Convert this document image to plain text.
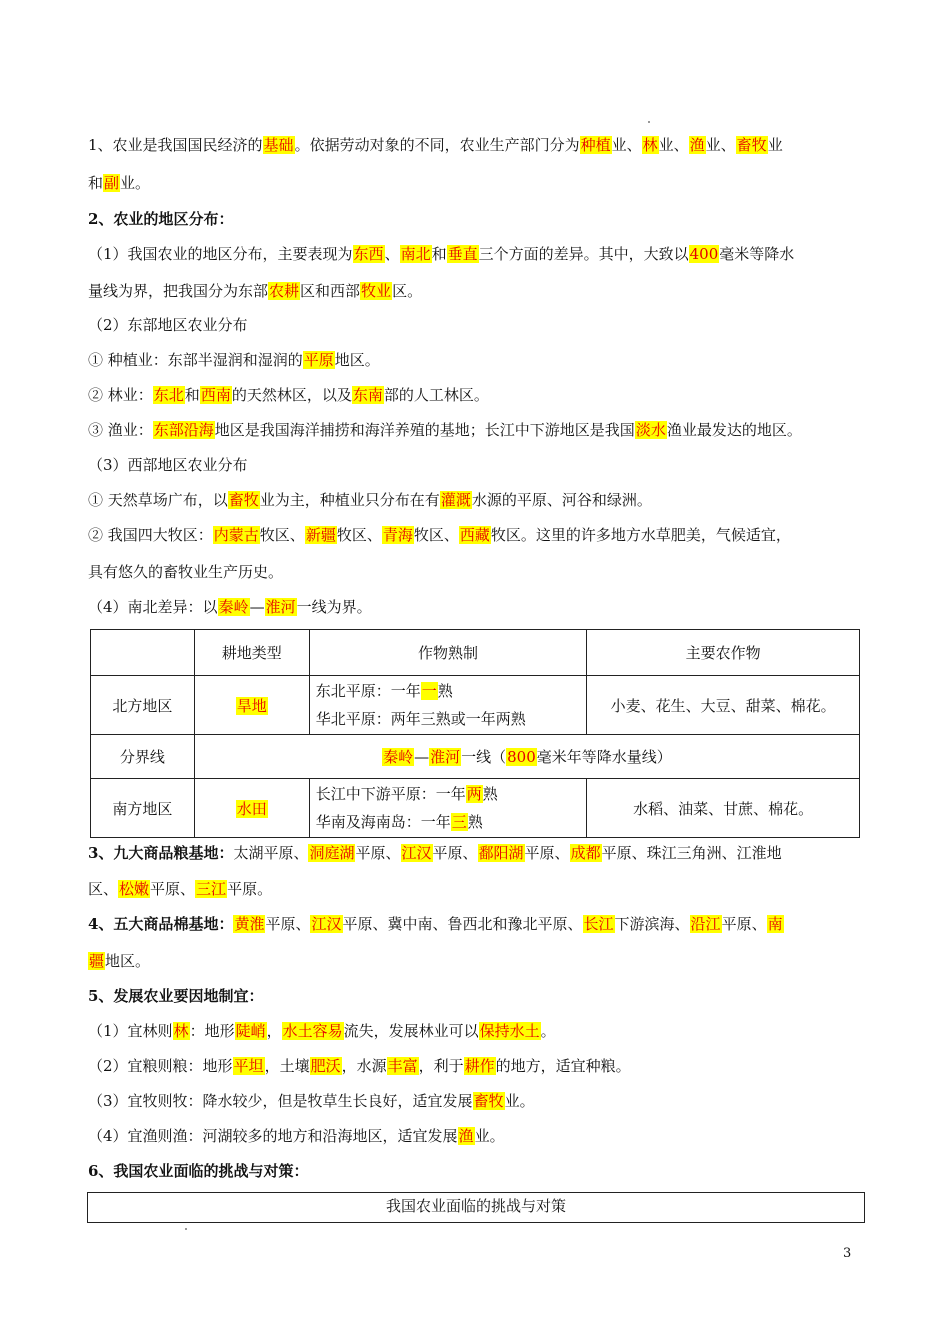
1、农业是我国国民经济的基础。依据劳动对象的不同，农业生产部门分为种植业、林业、渔业、畜牧业
和副业。
2、农业的地区分布：
（1）我国农业的地区分布，主要表现为东西、南北和垂直三个方面的差异。其中，大致以400毫米等降水
量线为界，把我国分为东部农耕区和西部牧业区。
（2）东部地区农业分布
① 种植业：东部半湿润和湿润的平原地区。
② 林业：东北和西南的天然林区，以及东南部的人工林区。
③ 渔业：东部沿海地区是我国海洋捕捞和海洋养殖的基地；长江中下游地区是我国淡水渔业最发达的地区。
（3）西部地区农业分布
① 天然草场广布，以畜牧业为主，种植业只分布在有灌溉水源的平原、河谷和绿洲。
② 我国四大牧区：内蒙古牧区、新疆牧区、青海牧区、西藏牧区。这里的许多地方水草肥美，气候适宜，
具有悠久的畜牧业生产历史。
（4）南北差异：以秦岭—淮河一线为界。
3、九大商品粮基地：太湖平原、洞庭湖平原、江汉平原、鄱阳湖平原、成都平原、珠江三角洲、江淮地
区、松嫩平原、三江平原。
4、五大商品棉基地：黄淮平原、江汉平原、冀中南、鲁西北和豫北平原、长江下游滨海、沿江平原、南
疆地区。
5、发展农业要因地制宜：
（1）宜林则林：地形陡峭，水土容易流失，发展林业可以保持水土。
（2）宜粮则粮：地形平坦，土壤肥沃，水源丰富，利于耕作的地方，适宜种粮。
（3）宜牧则牧：降水较少，但是牧草生长良好，适宜发展畜牧业。
（4）宜渔则渔：河湖较多的地方和沿海地区，适宜发展渔业。
6、我国农业面临的挑战与对策：
	耕地类型	作物熟制	主要农作物
北方地区	旱地	东北平原：一年一熟
华北平原：两年三熟或一年两熟	小麦、花生、大豆、甜菜、棉花。
分界线	秦岭—淮河一线（800毫米年等降水量线）		
南方地区	水田	长江中下游平原：一年两熟
华南及海南岛：一年三熟	水稻、油菜、甘蔗、棉花。
我国农业面临的挑战与对策
3
